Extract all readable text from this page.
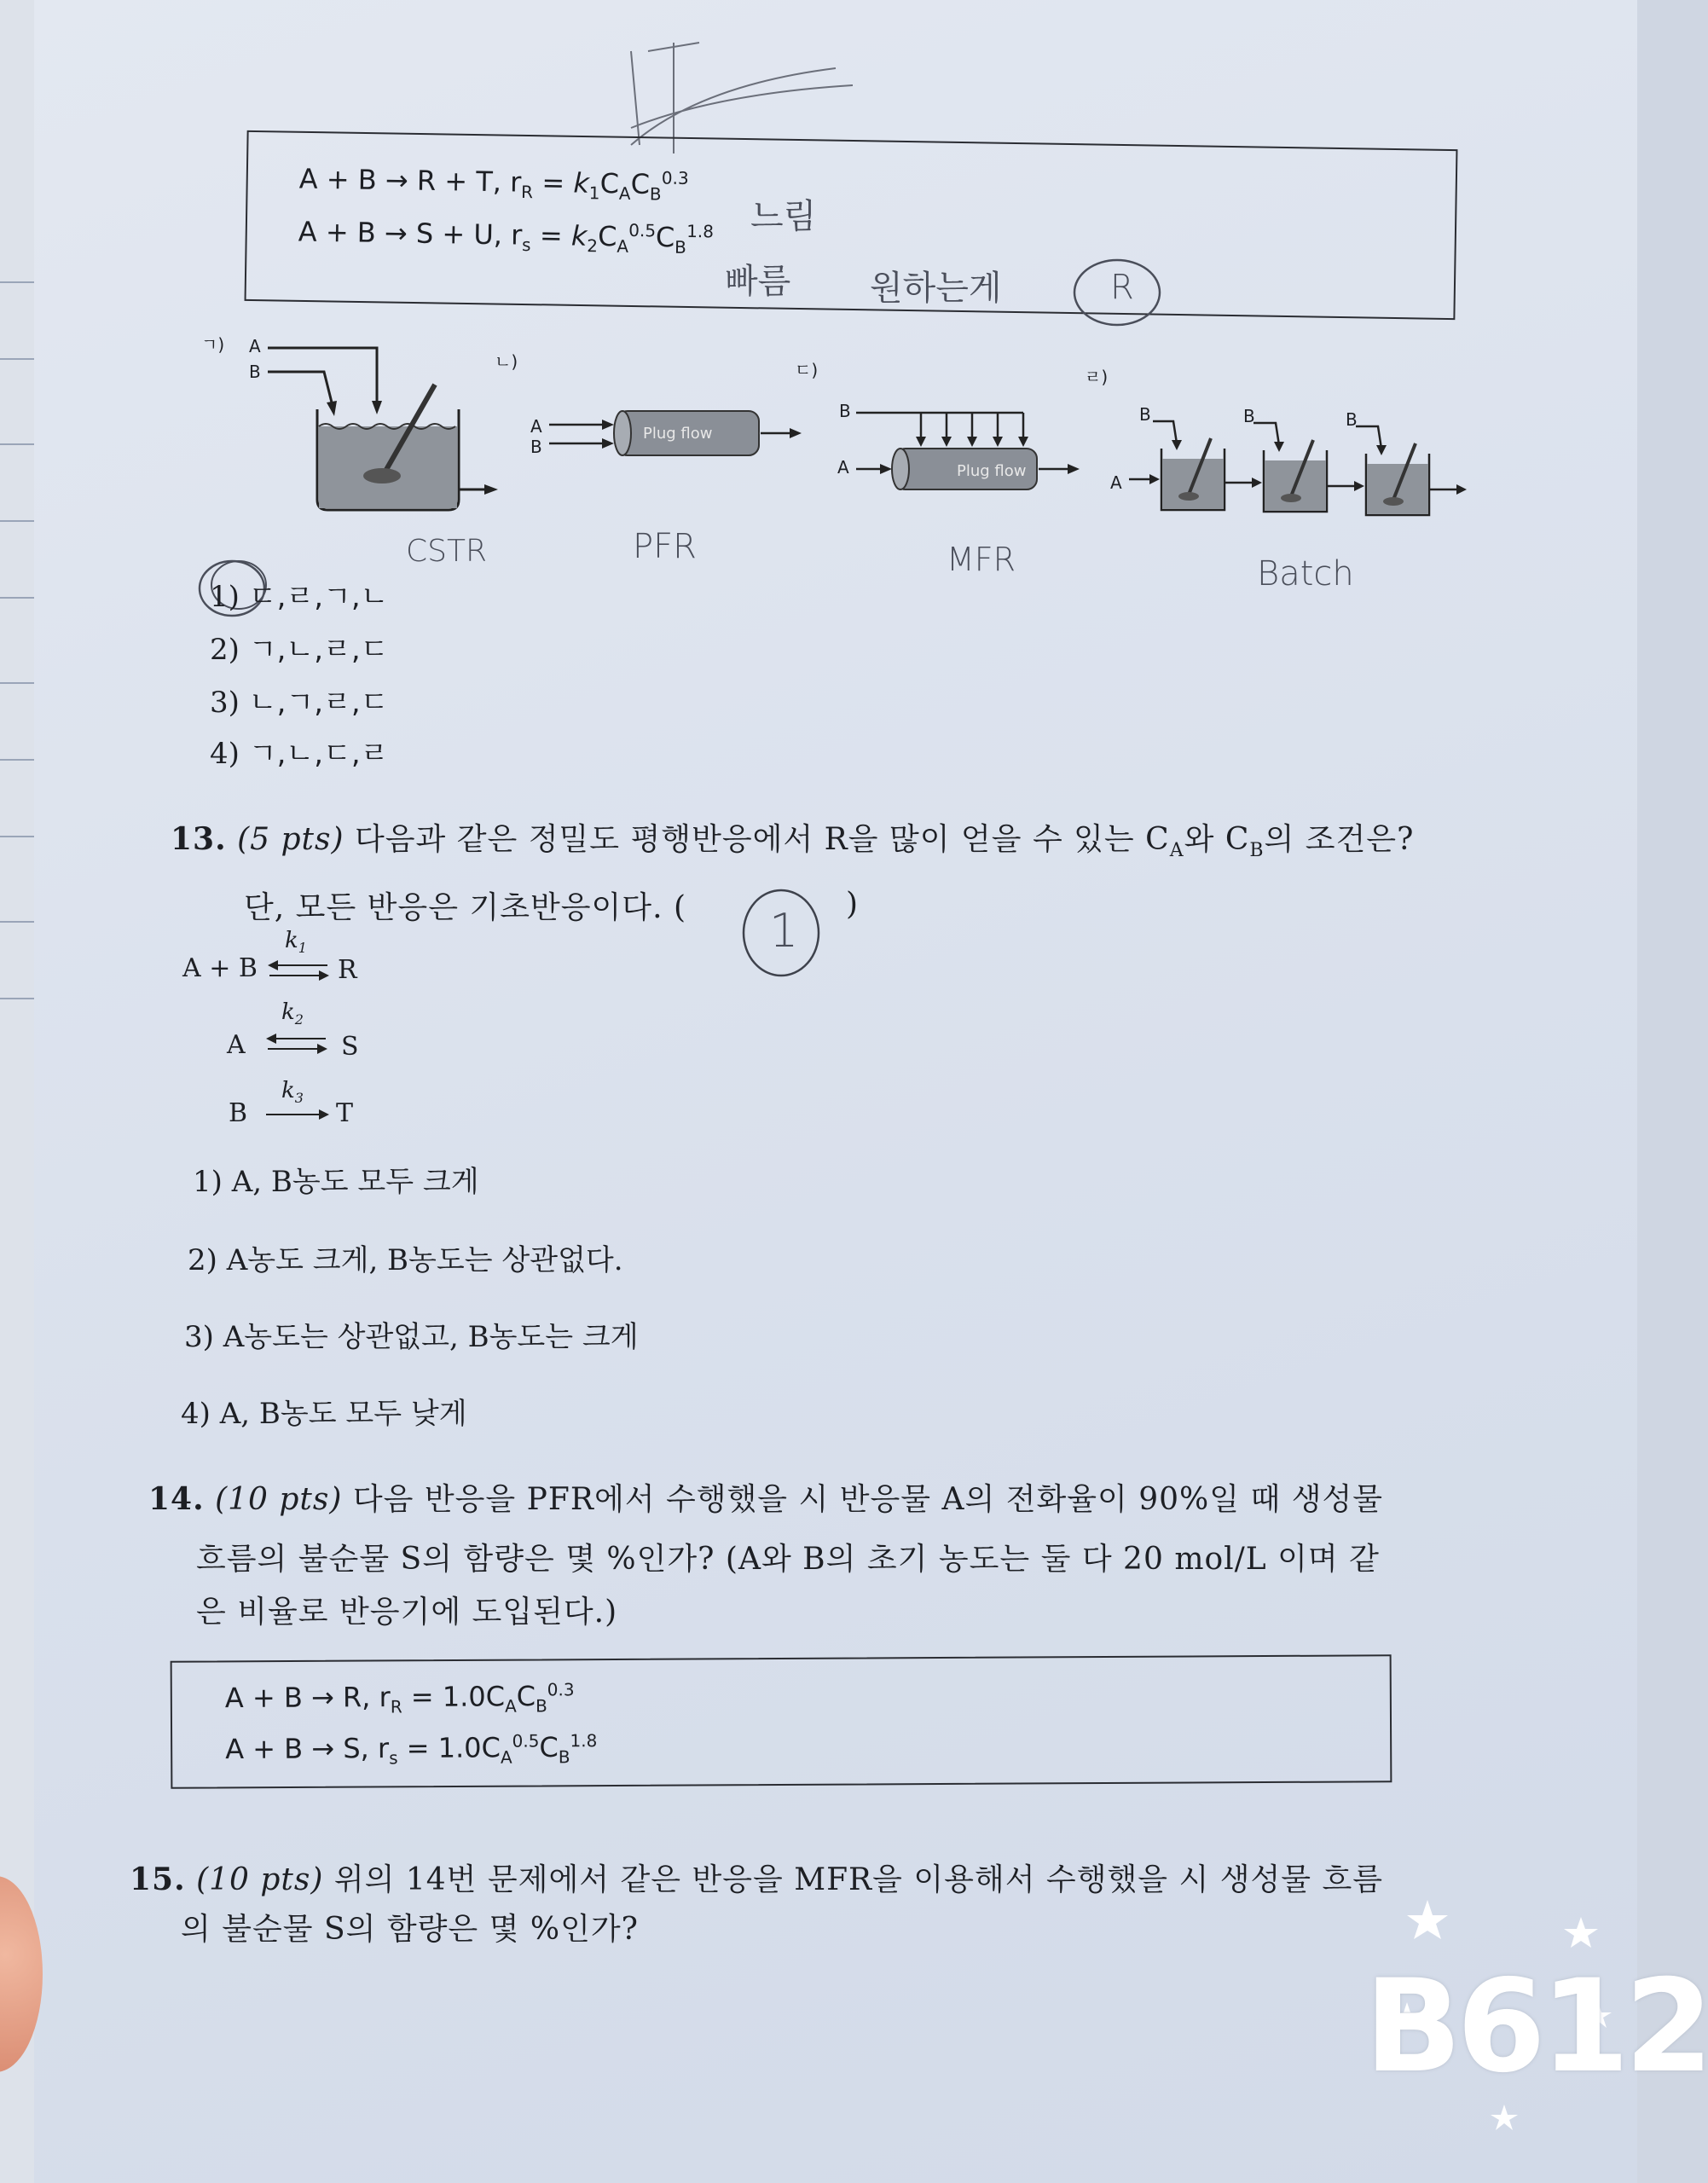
A + B → R + T, $r_R = k_1C_AC_B^{0.3}$
A + B → S + U, $r_s = k_2C_A^{0.5}C_B^{1.8}$ 느림
빠름 원하는게	R
ㄱ)
ㄴ)	ㄷ)	ㄹ)
A
B
CSTR
A
B
Plug flow
PFR
B
A	Plug flow
MFR
B	B	B
A
Batch
1) ㄷ,ㄹ,ㄱ,ㄴ
2) ㄱ,ㄴ,ㄹ,ㄷ
3) ㄴ,ㄱ,ㄹ,ㄷ
4) ㄱ,ㄴ,ㄷ,ㄹ
13. (5 pts) 다음과 같은 정밀도 평행반응에서 R을 많이 얻을 수 있는 $C_A$와 $C_B$의 조건은?
단, 모든 반응은 기초반응이다. (	)
1
A + B
$k_1$
R
A
$k_2$
S
B
$k_3$
T
1) A, B농도 모두 크게
2) A농도 크게, B농도는 상관없다.
3) A농도는 상관없고, B농도는 크게
4) A, B농도 모두 낮게
14. (10 pts) 다음 반응을 PFR에서 수행했을 시 반응물 A의 전화율이 90%일 때 생성물
흐름의 불순물 S의 함량은 몇 %인가? (A와 B의 초기 농도는 둘 다 20 mol/L 이며 같
은 비율로 반응기에 도입된다.)
A + B → R, $r_R = 1.0C_AC_B^{0.3}$
A + B → S, $r_s = 1.0C_A^{0.5}C_B^{1.8}$
15. (10 pts) 위의 14번 문제에서 같은 반응을 MFR을 이용해서 수행했을 시 생성물 흐름
의 불순물 S의 함량은 몇 %인가?
B612
